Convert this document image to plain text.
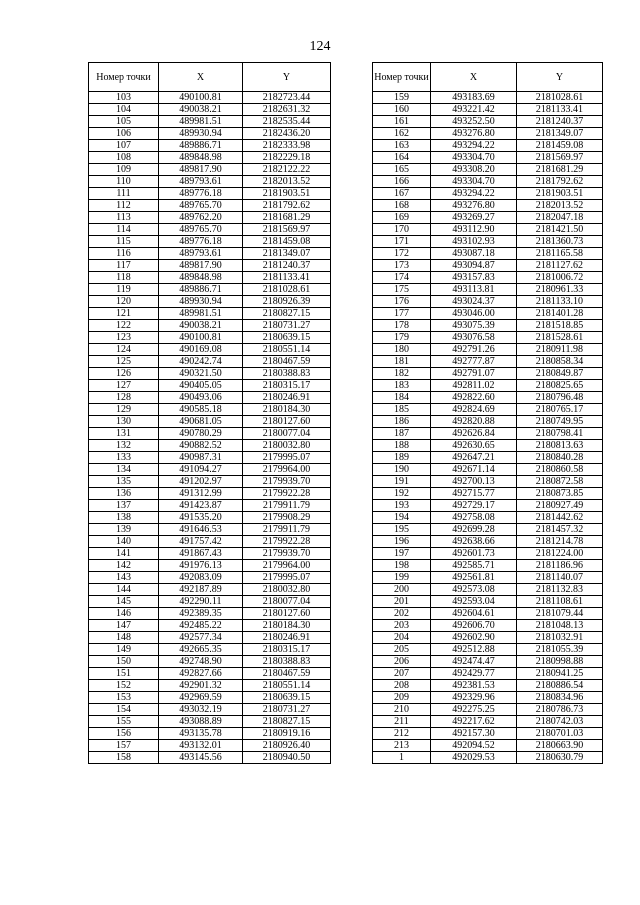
124
Номер точки	X	Y
103	490100.81	2182723.44
104	490038.21	2182631.32
105	489981.51	2182535.44
106	489930.94	2182436.20
107	489886.71	2182333.98
108	489848.98	2182229.18
109	489817.90	2182122.22
110	489793.61	2182013.52
111	489776.18	2181903.51
112	489765.70	2181792.62
113	489762.20	2181681.29
114	489765.70	2181569.97
115	489776.18	2181459.08
116	489793.61	2181349.07
117	489817.90	2181240.37
118	489848.98	2181133.41
119	489886.71	2181028.61
120	489930.94	2180926.39
121	489981.51	2180827.15
122	490038.21	2180731.27
123	490100.81	2180639.15
124	490169.08	2180551.14
125	490242.74	2180467.59
126	490321.50	2180388.83
127	490405.05	2180315.17
128	490493.06	2180246.91
129	490585.18	2180184.30
130	490681.05	2180127.60
131	490780.29	2180077.04
132	490882.52	2180032.80
133	490987.31	2179995.07
134	491094.27	2179964.00
135	491202.97	2179939.70
136	491312.99	2179922.28
137	491423.87	2179911.79
138	491535.20	2179908.29
139	491646.53	2179911.79
140	491757.42	2179922.28
141	491867.43	2179939.70
142	491976.13	2179964.00
143	492083.09	2179995.07
144	492187.89	2180032.80
145	492290.11	2180077.04
146	492389.35	2180127.60
147	492485.22	2180184.30
148	492577.34	2180246.91
149	492665.35	2180315.17
150	492748.90	2180388.83
151	492827.66	2180467.59
152	492901.32	2180551.14
153	492969.59	2180639.15
154	493032.19	2180731.27
155	493088.89	2180827.15
156	493135.78	2180919.16
157	493132.01	2180926.40
158	493145.56	2180940.50
Номер точки	X	Y
159	493183.69	2181028.61
160	493221.42	2181133.41
161	493252.50	2181240.37
162	493276.80	2181349.07
163	493294.22	2181459.08
164	493304.70	2181569.97
165	493308.20	2181681.29
166	493304.70	2181792.62
167	493294.22	2181903.51
168	493276.80	2182013.52
169	493269.27	2182047.18
170	493112.90	2181421.50
171	493102.93	2181360.73
172	493087.18	2181165.58
173	493094.87	2181127.62
174	493157.83	2181006.72
175	493113.81	2180961.33
176	493024.37	2181133.10
177	493046.00	2181401.28
178	493075.39	2181518.85
179	493076.58	2181528.61
180	492791.26	2180911.98
181	492777.87	2180858.34
182	492791.07	2180849.87
183	492811.02	2180825.65
184	492822.60	2180796.48
185	492824.69	2180765.17
186	492820.88	2180749.95
187	492626.84	2180798.41
188	492630.65	2180813.63
189	492647.21	2180840.28
190	492671.14	2180860.58
191	492700.13	2180872.58
192	492715.77	2180873.85
193	492729.17	2180927.49
194	492758.08	2181442.62
195	492699.28	2181457.32
196	492638.66	2181214.78
197	492601.73	2181224.00
198	492585.71	2181186.96
199	492561.81	2181140.07
200	492573.08	2181132.83
201	492593.04	2181108.61
202	492604.61	2181079.44
203	492606.70	2181048.13
204	492602.90	2181032.91
205	492512.88	2181055.39
206	492474.47	2180998.88
207	492429.77	2180941.25
208	492381.53	2180886.54
209	492329.96	2180834.96
210	492275.25	2180786.73
211	492217.62	2180742.03
212	492157.30	2180701.03
213	492094.52	2180663.90
1	492029.53	2180630.79
